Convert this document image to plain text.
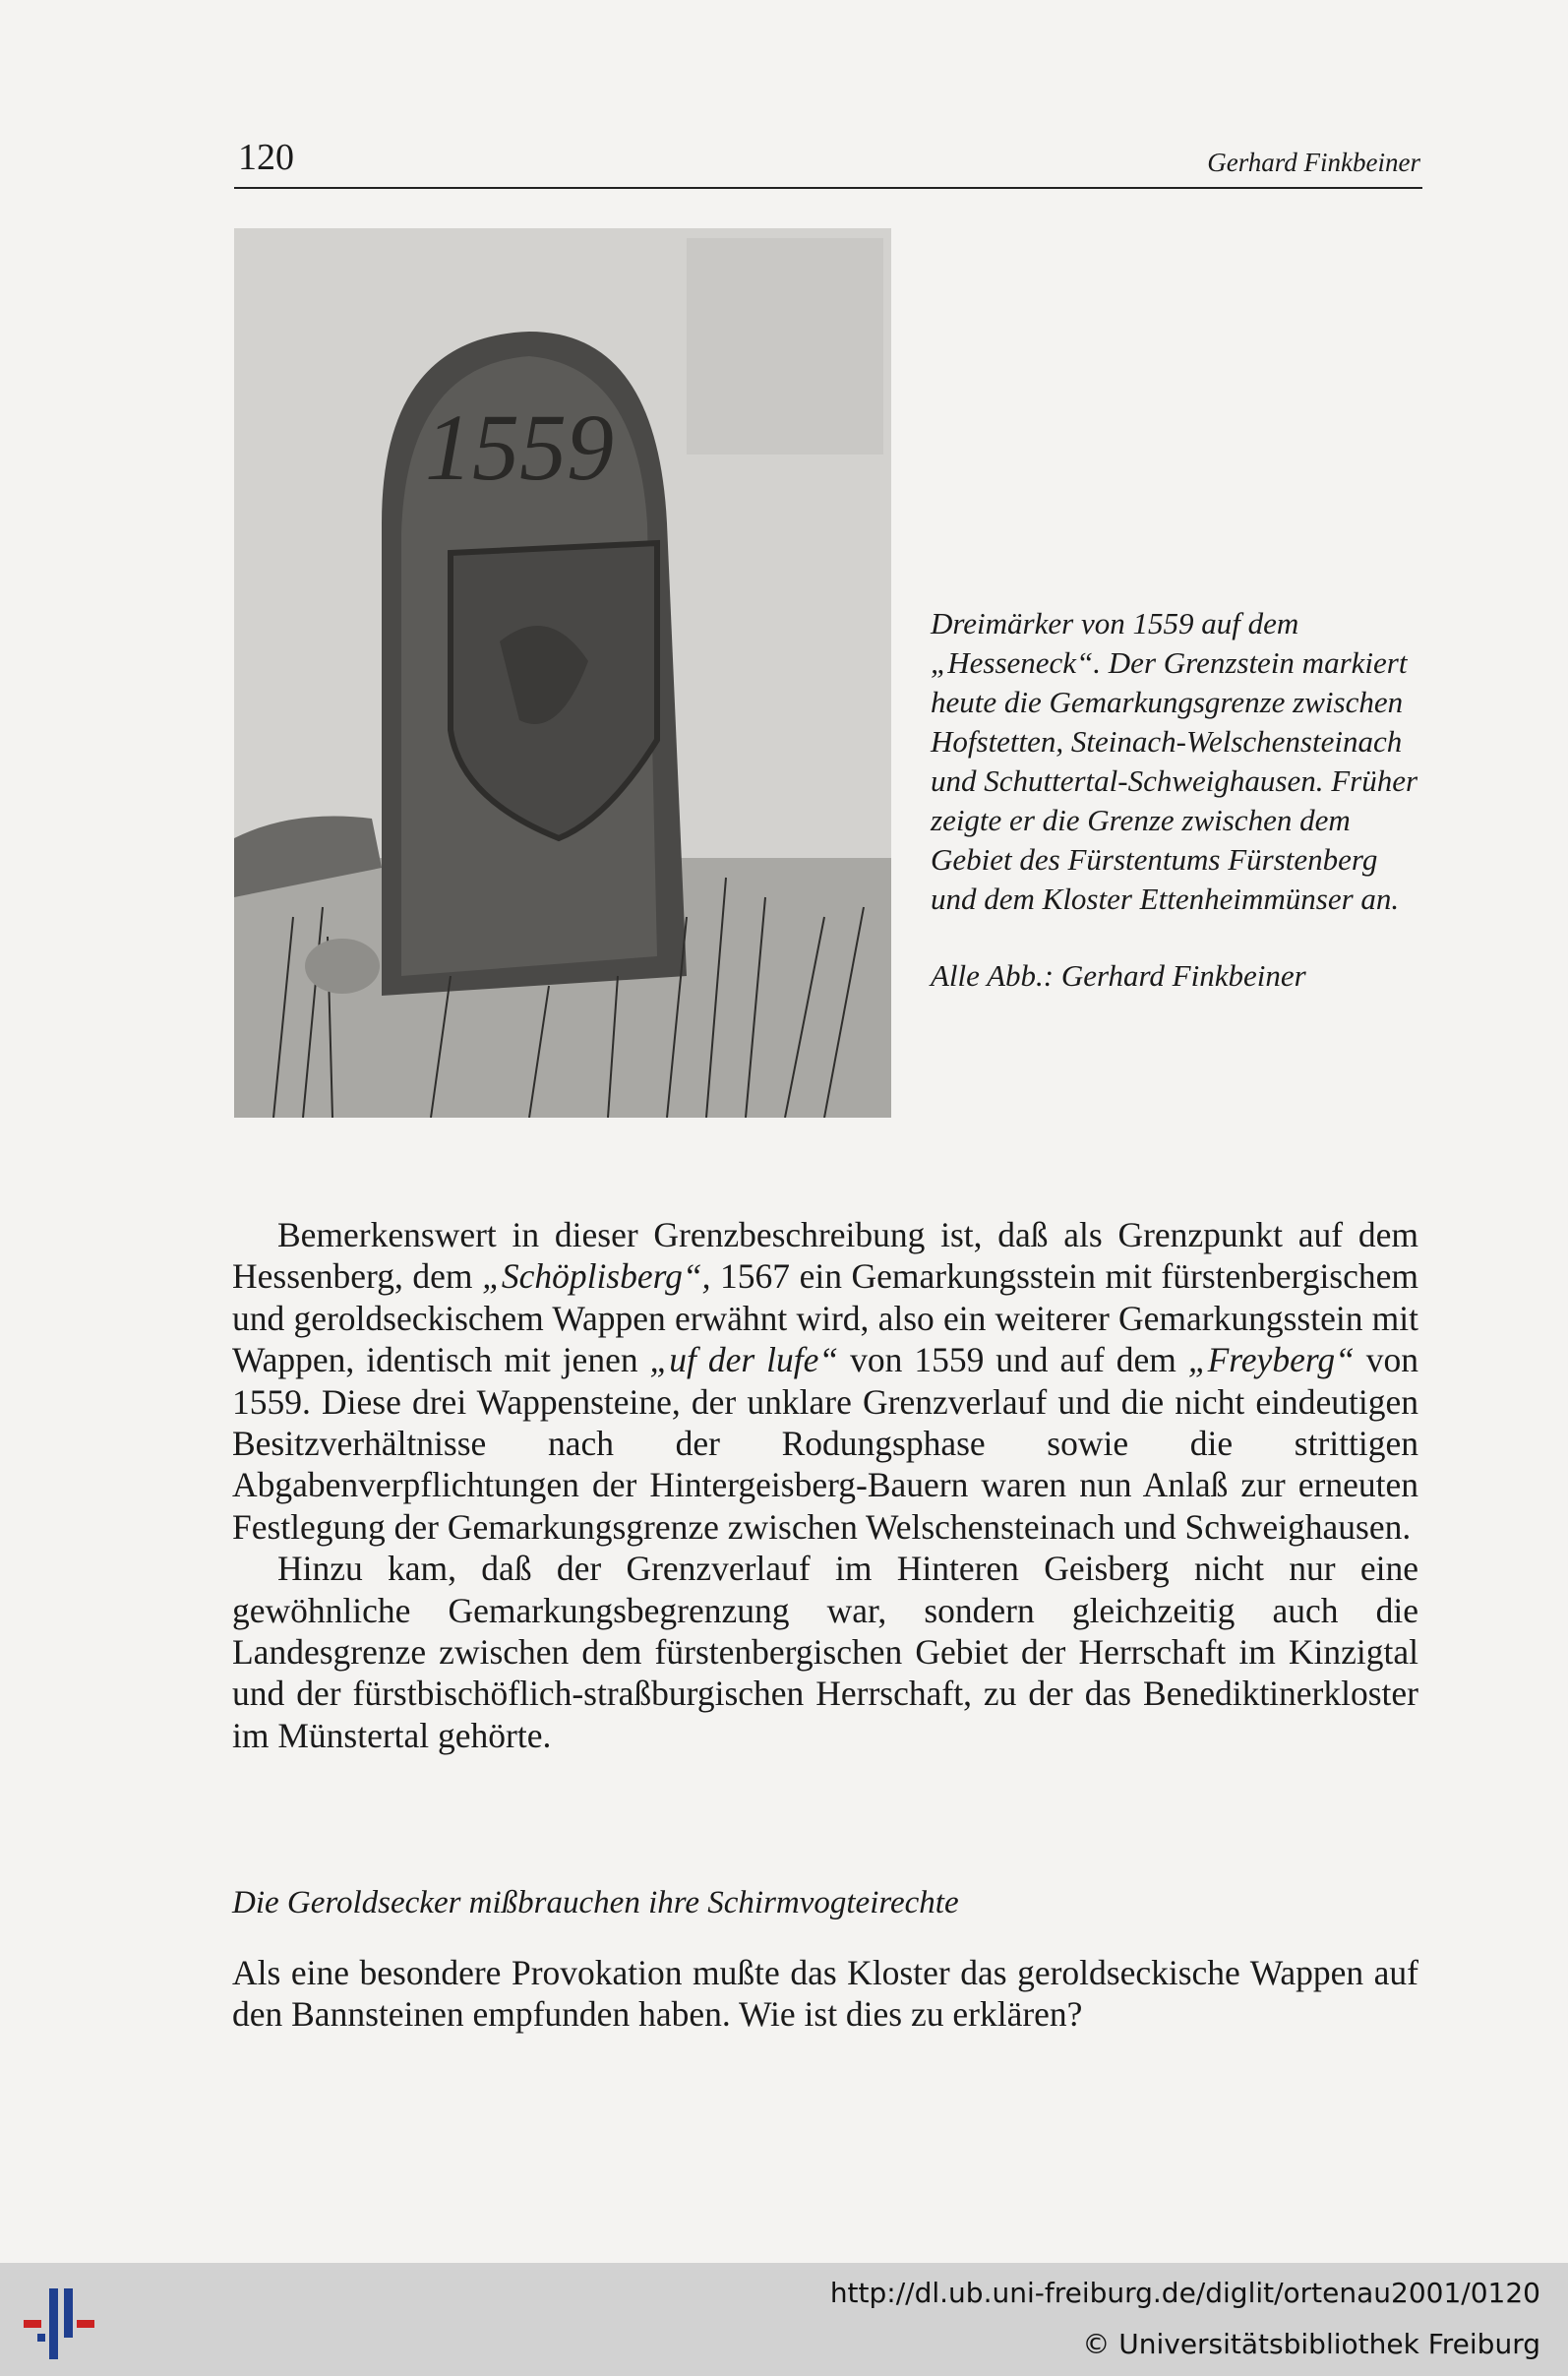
120	Gerhard Finkbeiner
1559

Dreimärker von 1559 auf dem „Hesseneck“. Der Grenzstein markiert heute die Gemarkungsgrenze zwischen Hofstetten, Steinach-Welschensteinach und Schuttertal-Schweighausen. Früher zeigte er die Grenze zwischen dem Gebiet des Fürstentums Fürstenberg und dem Kloster Ettenheimmünser an.

Alle Abb.: Gerhard Finkbeiner

Bemerkenswert in dieser Grenzbeschreibung ist, daß als Grenzpunkt auf dem Hessenberg, dem „Schöplisberg“, 1567 ein Gemarkungsstein mit fürstenbergischem und geroldseckischem Wappen erwähnt wird, also ein weiterer Gemarkungsstein mit Wappen, identisch mit jenen „uf der lufe“ von 1559 und auf dem „Freyberg“ von 1559. Diese drei Wappensteine, der unklare Grenzverlauf und die nicht eindeutigen Besitzverhältnisse nach der Rodungsphase sowie die strittigen Abgabenverpflichtungen der Hintergeisberg-Bauern waren nun Anlaß zur erneuten Festlegung der Gemarkungsgrenze zwischen Welschensteinach und Schweighausen.

Hinzu kam, daß der Grenzverlauf im Hinteren Geisberg nicht nur eine gewöhnliche Gemarkungsbegrenzung war, sondern gleichzeitig auch die Landesgrenze zwischen dem fürstenbergischen Gebiet der Herrschaft im Kinzigtal und der fürstbischöflich-straßburgischen Herrschaft, zu der das Benediktinerkloster im Münstertal gehörte.

Die Geroldsecker mißbrauchen ihre Schirmvogteirechte

Als eine besondere Provokation mußte das Kloster das geroldseckische Wappen auf den Bannsteinen empfunden haben. Wie ist dies zu erklären?

http://dl.ub.uni-freiburg.de/diglit/ortenau2001/0120
© Universitätsbibliothek Freiburg
